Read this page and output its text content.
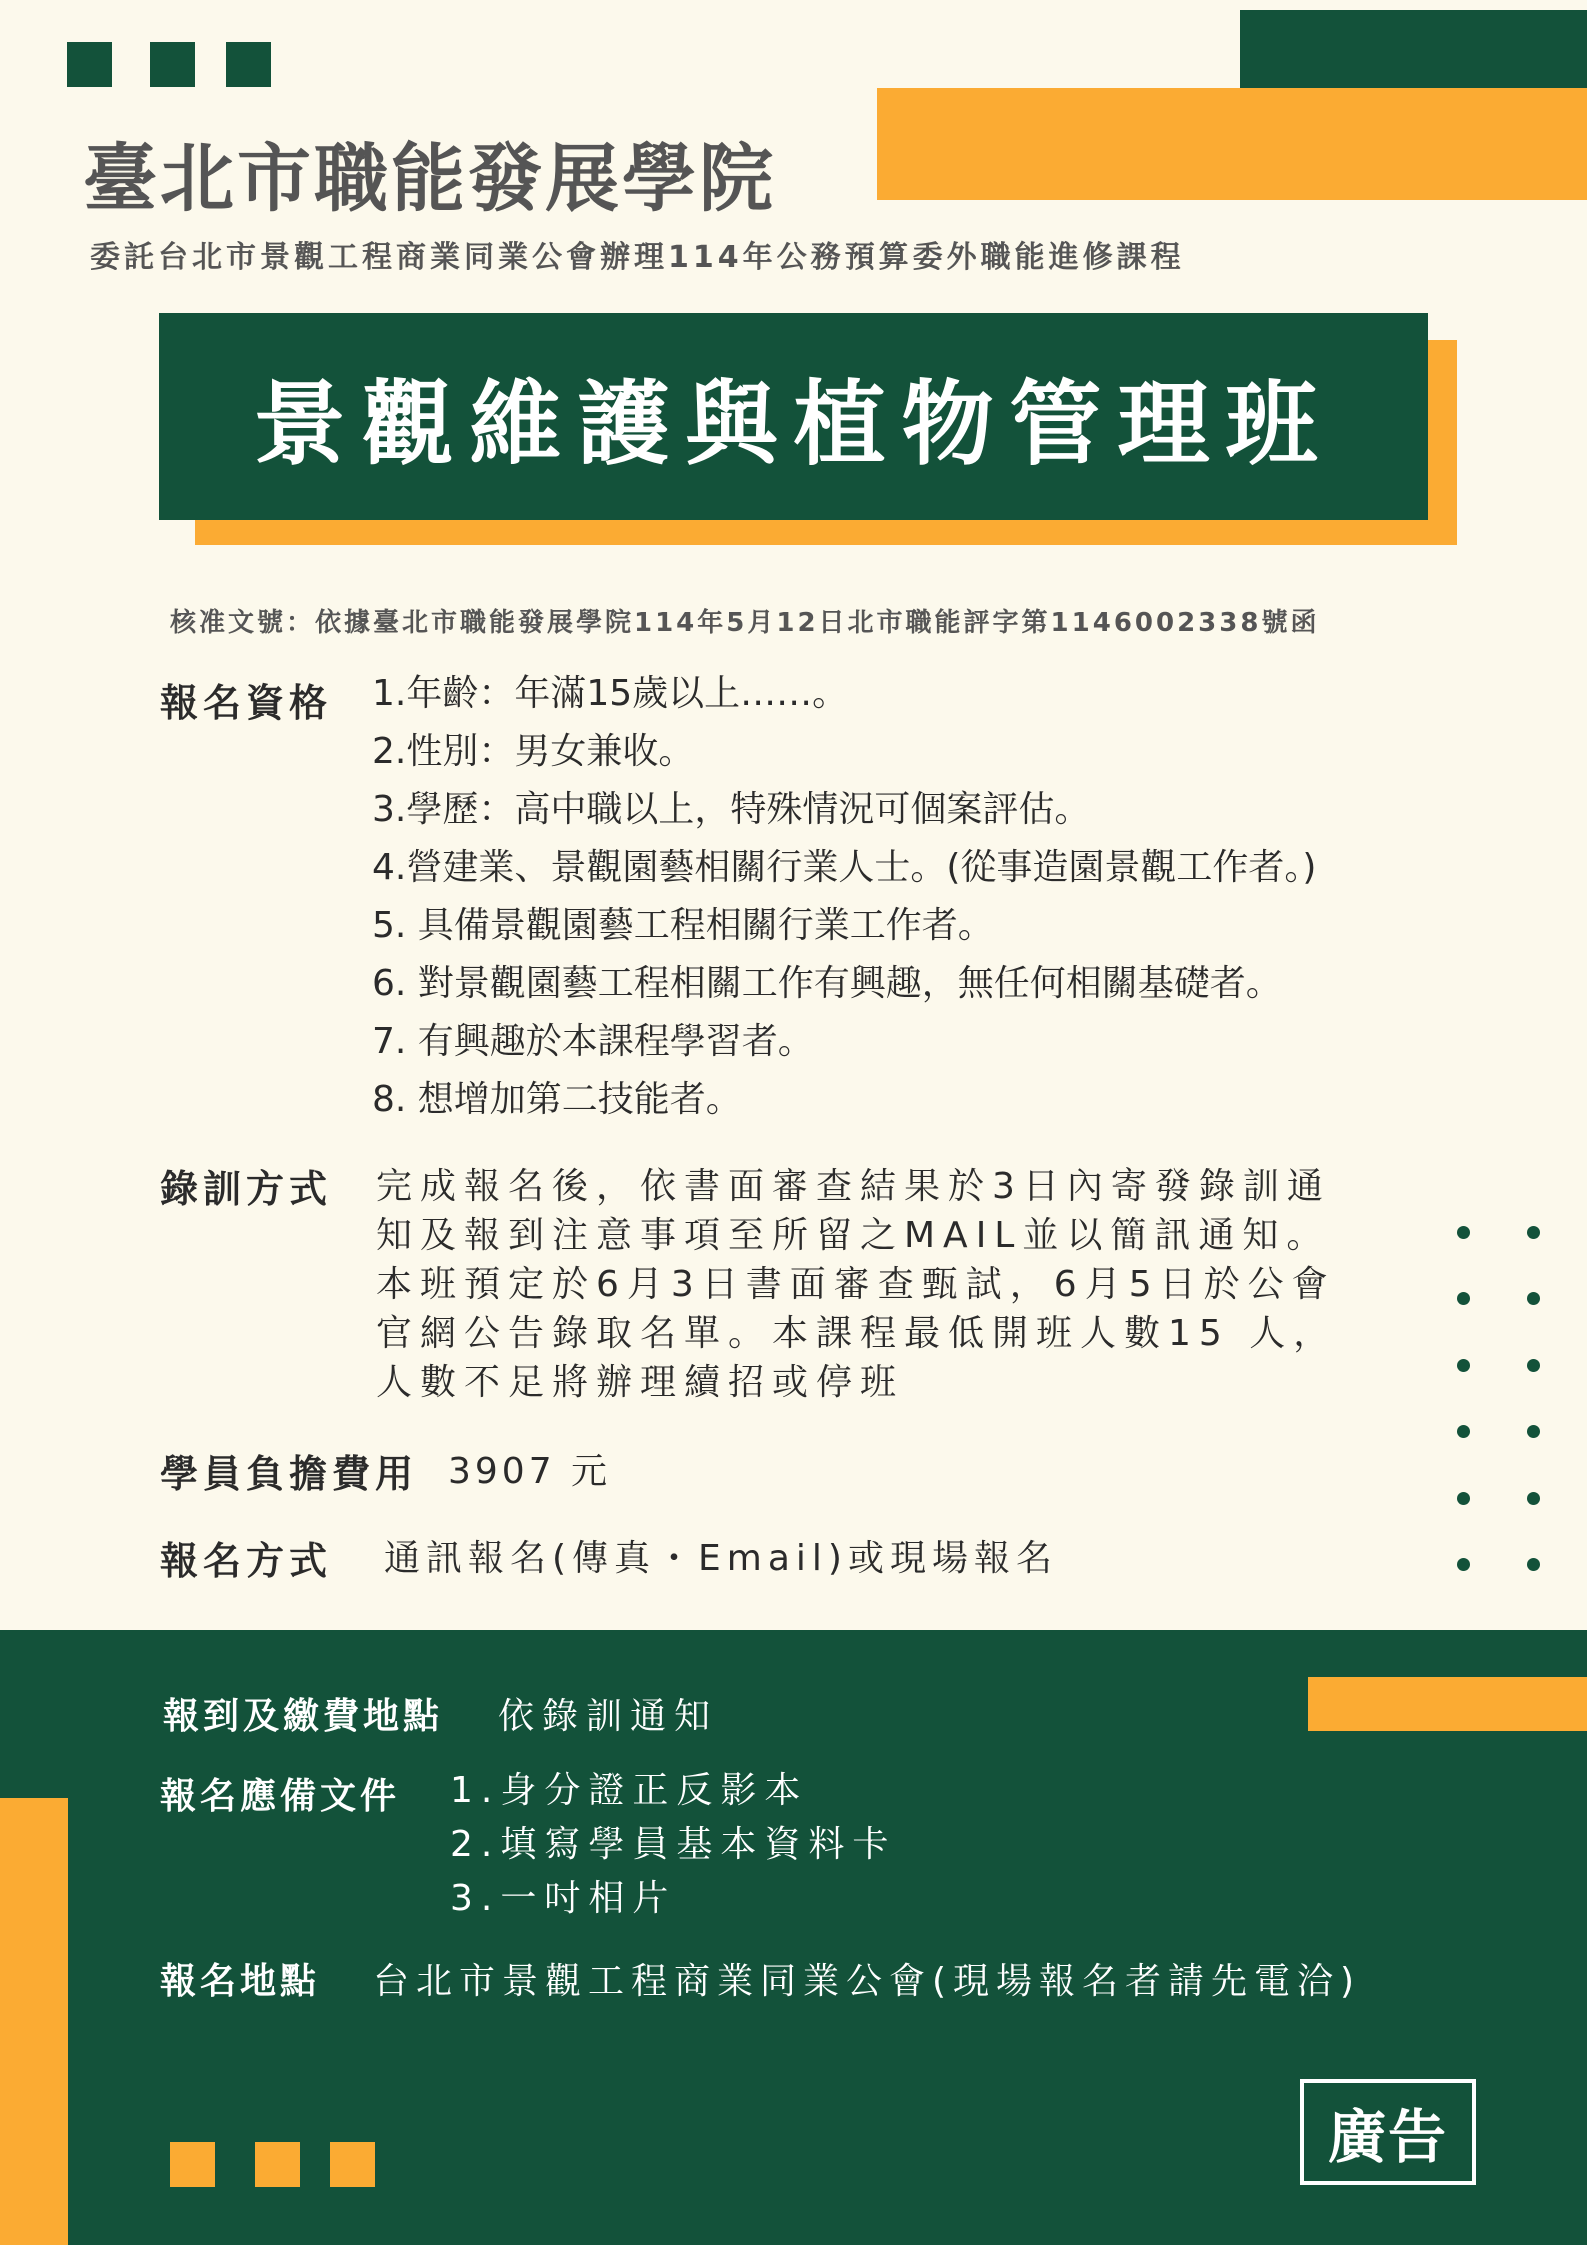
臺北市職能發展學院
委託台北市景觀工程商業同業公會辦理114年公務預算委外職能進修課程
景觀維護與植物管理班
核准文號：依據臺北市職能發展學院114年5月12日北市職能評字第1146002338號函
報名資格 1.年齡：年滿15歲以上……。
2.性別：男女兼收。
3.學歷：高中職以上，特殊情況可個案評估。
4.營建業、景觀園藝相關行業人士。(從事造園景觀工作者。)
5. 具備景觀園藝工程相關行業工作者。
6. 對景觀園藝工程相關工作有興趣，無任何相關基礎者。
7. 有興趣於本課程學習者。
8. 想增加第二技能者。
錄訓方式 完成報名後，依書面審查結果於3日內寄發錄訓通
知及報到注意事項至所留之MAIL並以簡訊通知。
本班預定於6月3日書面審查甄試，6月5日於公會
官網公告錄取名單。本課程最低開班人數15 人，
人數不足將辦理續招或停班
學員負擔費用 3907 元
報名方式 通訊報名(傳真・Email)或現場報名
報到及繳費地點 依錄訓通知
報名應備文件 1.身分證正反影本
2.填寫學員基本資料卡
3.一吋相片
報名地點 台北市景觀工程商業同業公會(現場報名者請先電洽)
廣告
